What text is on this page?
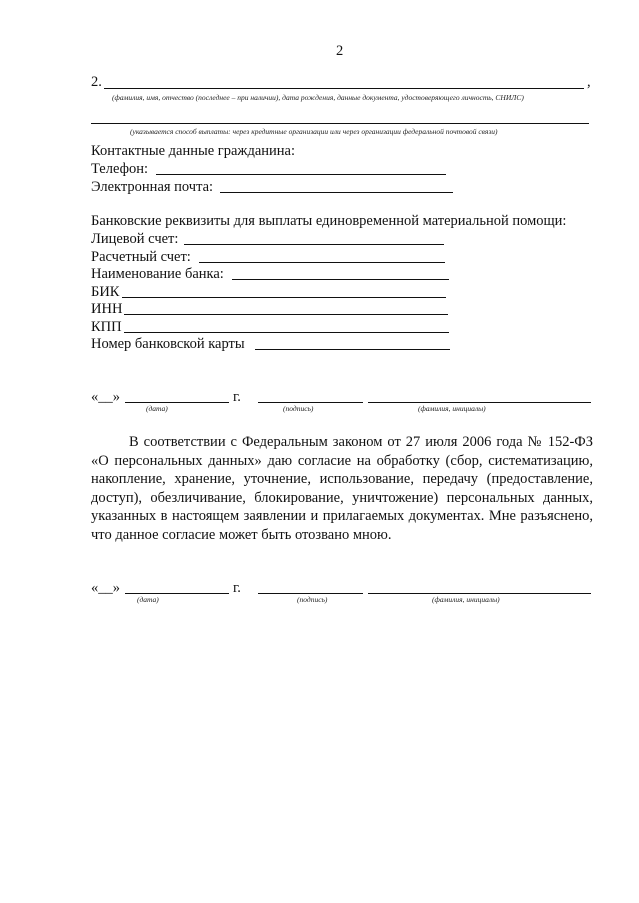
2
2.	,
(фамилия, имя, отчество (последнее – при наличии), дата рождения, данные документа, удостоверяющего личность, СНИЛС)
(указывается способ выплаты: через кредитные организации или через организации федеральной почтовой связи)
Контактные данные гражданина:
Телефон:
Электронная почта:
Банковские реквизиты для выплаты единовременной материальной помощи:
Лицевой счет:
Расчетный счет:
Наименование банка:
БИК
ИНН
КПП
Номер банковской карты
«__»	г.
(дата)	(подпись)	(фамилия, инициалы)
В соответствии с Федеральным законом от 27 июля 2006 года № 152-ФЗ «О персональных данных» даю согласие на обработку (сбор, систематизацию, накопление, хранение, уточнение, использование, передачу (предоставление, доступ), обезличивание, блокирование, уничтожение) персональных данных, указанных в настоящем заявлении и прилагаемых документах. Мне разъяснено, что данное согласие может быть отозвано мною.
«__»	г.
(дата)	(подпись)	(фамилия, инициалы)
